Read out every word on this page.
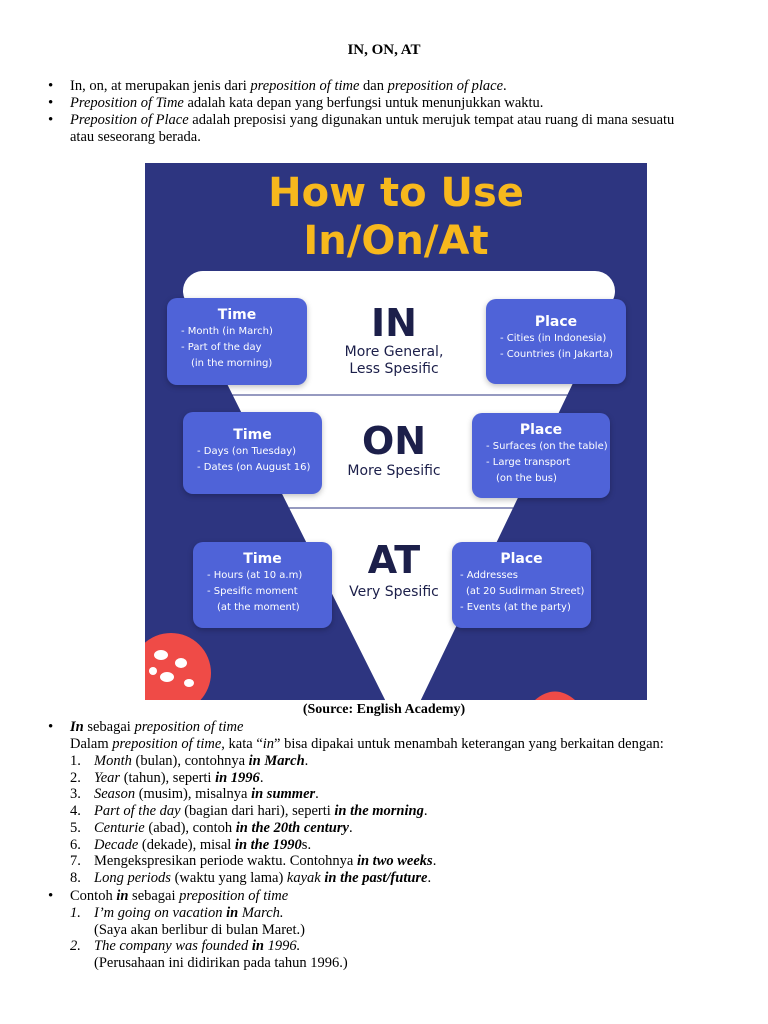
IN, ON, AT
• In, on, at merupakan jenis dari preposition of time dan preposition of place.
• Preposition of Time adalah kata depan yang berfungsi untuk menunjukkan waktu.
• Preposition of Place adalah preposisi yang digunakan untuk merujuk tempat atau ruang di mana sesuatu
atau seseorang berada.
How to Use
In/On/At
IN
More General,
Less Spesific
Time
- Month (in March)
- Part of the day
(in the morning)
Place
- Cities (in Indonesia)
- Countries (in Jakarta)
ON
More Spesific
Time
- Days (on Tuesday)
- Dates (on August 16)
Place
- Surfaces (on the table)
- Large transport
(on the bus)
AT
Very Spesific
Time
- Hours (at 10 a.m)
- Spesific moment
(at the moment)
Place
- Addresses
(at 20 Sudirman Street)
- Events (at the party)
(Source: English Academy)
• In sebagai preposition of time
Dalam preposition of time, kata “in” bisa dipakai untuk menambah keterangan yang berkaitan dengan:
1. Month (bulan), contohnya in March.
2. Year (tahun), seperti in 1996.
3. Season (musim), misalnya in summer.
4. Part of the day (bagian dari hari), seperti in the morning.
5. Centurie (abad), contoh in the 20th century.
6. Decade (dekade), misal in the 1990s.
7. Mengekspresikan periode waktu. Contohnya in two weeks.
8. Long periods (waktu yang lama) kayak in the past/future.
• Contoh in sebagai preposition of time
1. I’m going on vacation in March.
(Saya akan berlibur di bulan Maret.)
2. The company was founded in 1996.
(Perusahaan ini didirikan pada tahun 1996.)
